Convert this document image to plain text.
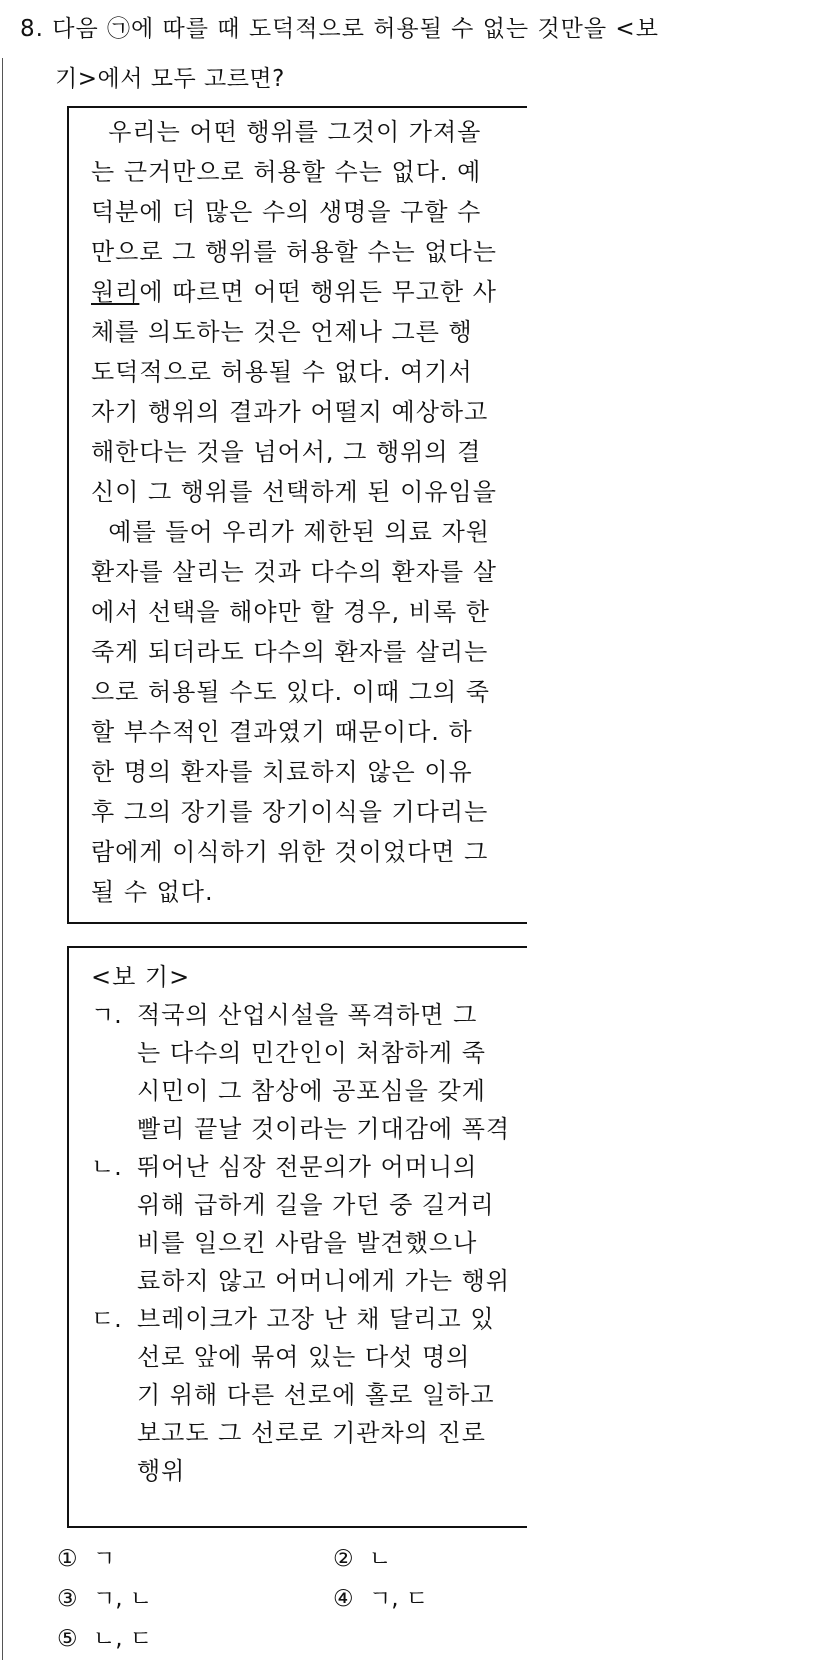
8. 다음 ㉠에 따를 때 도덕적으로 허용될 수 없는 것만을 <보
기>에서 모두 고르면?
우리는 어떤 행위를 그것이 가져올
는 근거만으로 허용할 수는 없다. 예
덕분에 더 많은 수의 생명을 구할 수
만으로 그 행위를 허용할 수는 없다는
원리에 따르면 어떤 행위든 무고한 사
체를 의도하는 것은 언제나 그른 행
도덕적으로 허용될 수 없다. 여기서
자기 행위의 결과가 어떨지 예상하고
해한다는 것을 넘어서, 그 행위의 결
신이 그 행위를 선택하게 된 이유임을
예를 들어 우리가 제한된 의료 자원
환자를 살리는 것과 다수의 환자를 살
에서 선택을 해야만 할 경우, 비록 한
죽게 되더라도 다수의 환자를 살리는
으로 허용될 수도 있다. 이때 그의 죽
할 부수적인 결과였기 때문이다. 하
한 명의 환자를 치료하지 않은 이유
후 그의 장기를 장기이식을 기다리는
람에게 이식하기 위한 것이었다면 그
될 수 없다.
<보 기>
ㄱ. 적국의 산업시설을 폭격하면 그
는 다수의 민간인이 처참하게 죽
시민이 그 참상에 공포심을 갖게
빨리 끝날 것이라는 기대감에 폭격
ㄴ. 뛰어난 심장 전문의가 어머니의
위해 급하게 길을 가던 중 길거리
비를 일으킨 사람을 발견했으나
료하지 않고 어머니에게 가는 행위
ㄷ. 브레이크가 고장 난 채 달리고 있
선로 앞에 묶여 있는 다섯 명의
기 위해 다른 선로에 홀로 일하고
보고도 그 선로로 기관차의 진로
행위
① ㄱ	② ㄴ
③ ㄱ, ㄴ	④ ㄱ, ㄷ
⑤ ㄴ, ㄷ
